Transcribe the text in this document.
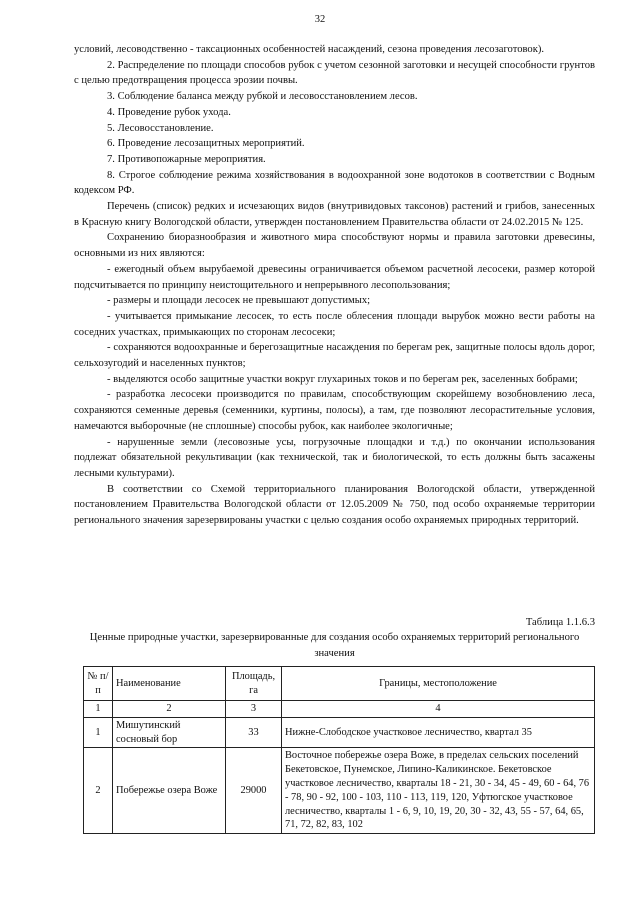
32

условий, лесоводственно - таксационных особенностей насаждений, сезона проведения лесозаготовок).

2. Распределение по площади способов рубок с учетом сезонной заготовки и несущей способности грунтов с целью предотвращения процесса эрозии почвы.

3. Соблюдение баланса между рубкой и лесовосстановлением лесов.

4. Проведение рубок ухода.

5. Лесовосстановление.

6. Проведение лесозащитных мероприятий.

7. Противопожарные мероприятия.

8. Строгое соблюдение режима хозяйствования в водоохранной зоне водотоков в соответствии с Водным кодексом РФ.

Перечень (список) редких и исчезающих видов (внутривидовых таксонов) растений и грибов, занесенных в Красную книгу Вологодской области, утвержден постановлением Правительства области от 24.02.2015 № 125.

Сохранению биоразнообразия и животного мира способствуют нормы и правила заготовки древесины, основными из них являются:

- ежегодный объем вырубаемой древесины ограничивается объемом расчетной лесосеки, размер которой подсчитывается по принципу неистощительного и непрерывного лесопользования;

- размеры и площади лесосек не превышают допустимых;

- учитывается примыкание лесосек, то есть после облесения площади вырубок можно вести работы на соседних участках, примыкающих по сторонам лесосеки;

- сохраняются водоохранные и берегозащитные насаждения по берегам рек, защитные полосы вдоль дорог, сельхозугодий и населенных пунктов;

- выделяются особо защитные участки вокруг глухариных токов и по берегам рек, заселенных бобрами;

- разработка лесосеки производится по правилам, способствующим скорейшему возобновлению леса, сохраняются семенные деревья (семенники, куртины, полосы), а там, где позволяют лесорастительные условия, намечаются выборочные (не сплошные) способы рубок, как наиболее экологичные;

- нарушенные земли (лесовозные усы, погрузочные площадки и т.д.) по окончании использования подлежат обязательной рекультивации (как технической, так и биологической, то есть должны быть засажены лесными культурами).

В соответствии со Схемой территориального планирования Вологодской области, утвержденной постановлением Правительства Вологодской области от 12.05.2009 № 750, под особо охраняемые территории регионального значения зарезервированы участки с целью создания особо охраняемых природных территорий.

Таблица 1.1.6.3
Ценные природные участки, зарезервированные для создания особо охраняемых территорий регионального значения
№ п/п	Наименование	Площадь, га	Границы, местоположение
1	2	3	4
1	Мишутинский сосновый бор	33	Нижне-Слободское участковое лесничество, квартал 35
2	Побережье озера Воже	29000	Восточное побережье озера Воже, в пределах сельских поселений Бекетовское, Пунемское, Липино-Каликинское. Бекетовское участковое лесничество, кварталы 18 - 21, 30 - 34, 45 - 49, 60 - 64, 76 - 78, 90 - 92, 100 - 103, 110 - 113, 119, 120, Уфтюгское участковое лесничество, кварталы 1 - 6, 9, 10, 19, 20, 30 - 32, 43, 55 - 57, 64, 65, 71, 72, 82, 83, 102
